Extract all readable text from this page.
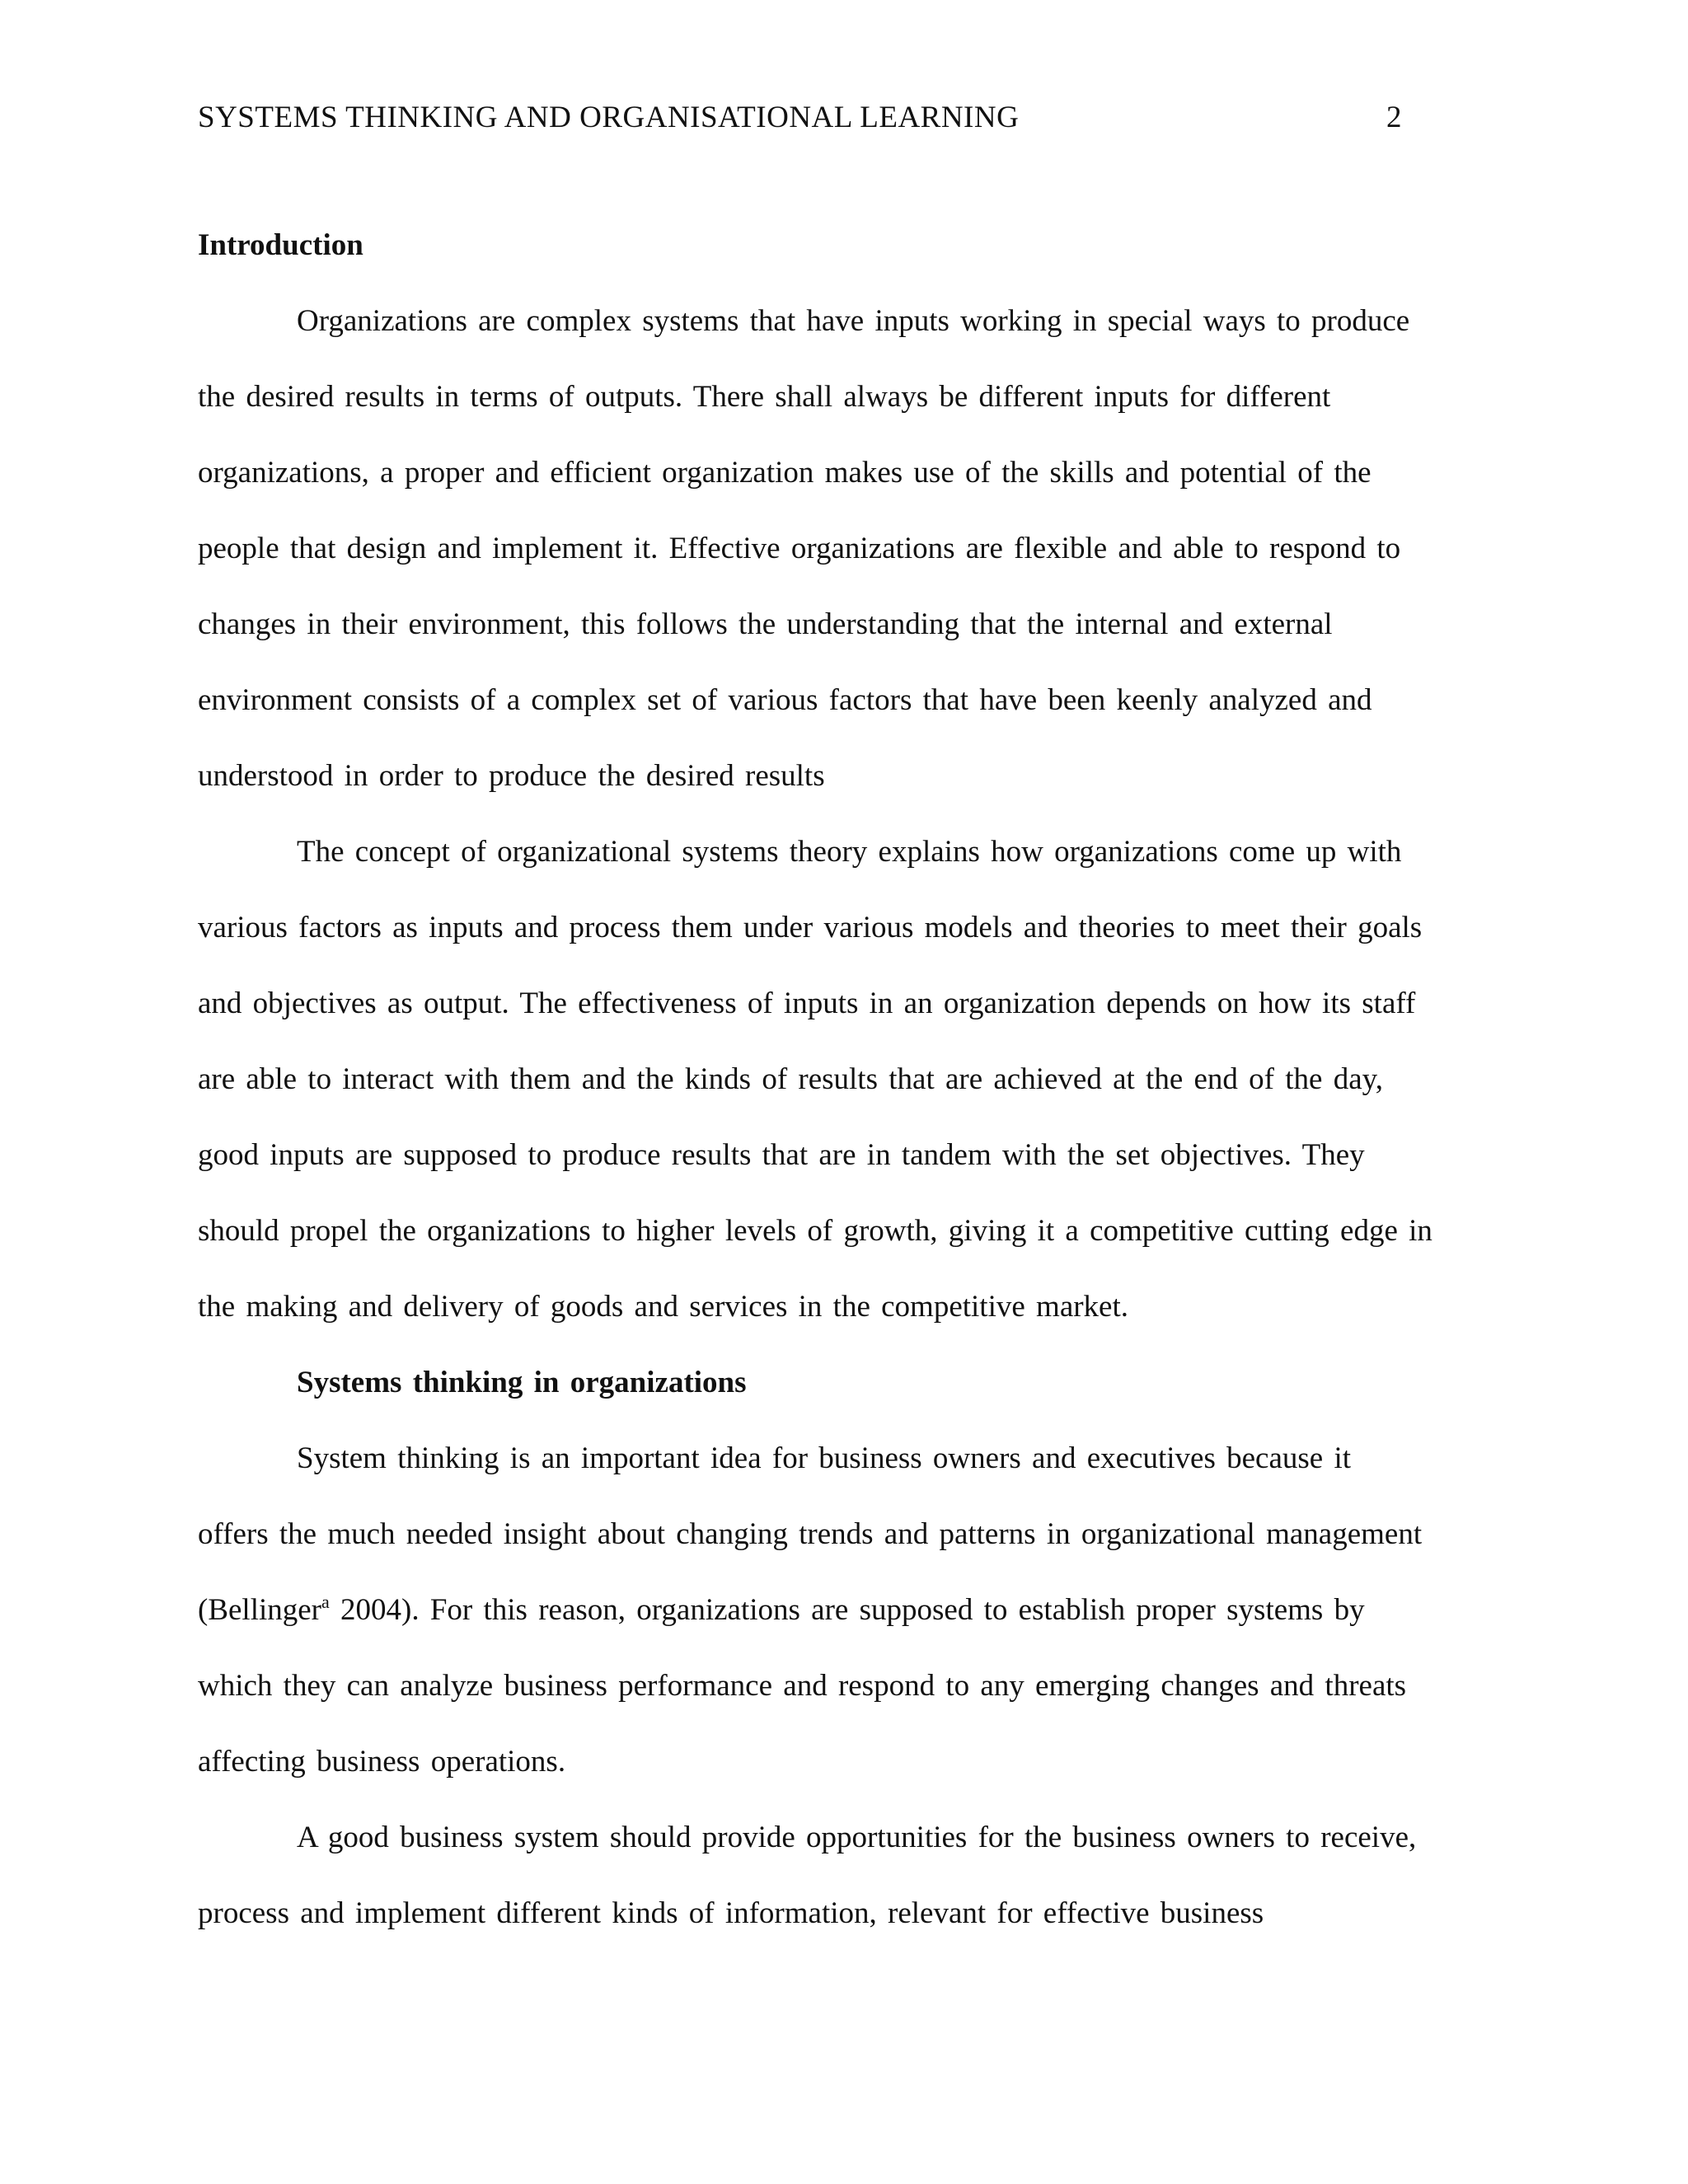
SYSTEMS THINKING AND ORGANISATIONAL LEARNING	2
Introduction
Organizations are complex systems that have inputs working in special ways to produce
the desired results in terms of outputs. There shall always be different inputs for different
organizations, a proper and efficient organization makes use of the skills and potential of the
people that design and implement it. Effective organizations are flexible and able to respond to
changes in their environment, this follows the understanding that the internal and external
environment consists of a complex set of various factors that have been keenly analyzed and
understood in order to produce the desired results
The concept of organizational systems theory explains how organizations come up with
various factors as inputs and process them under various models and theories to meet their goals
and objectives as output. The effectiveness of inputs in an organization depends on how its staff
are able to interact with them and the kinds of results that are achieved at the end of the day,
good inputs are supposed to produce results that are in tandem with the set objectives. They
should propel the organizations to higher levels of growth, giving it a competitive cutting edge in
the making and delivery of goods and services in the competitive market.
Systems thinking in organizations
System thinking is an important idea for business owners and executives because it
offers the much needed insight about changing trends and patterns in organizational management
(Bellinger$^a$ 2004). For this reason, organizations are supposed to establish proper systems by
which they can analyze business performance and respond to any emerging changes and threats
affecting business operations.
A good business system should provide opportunities for the business owners to receive,
process and implement different kinds of information, relevant for effective business
